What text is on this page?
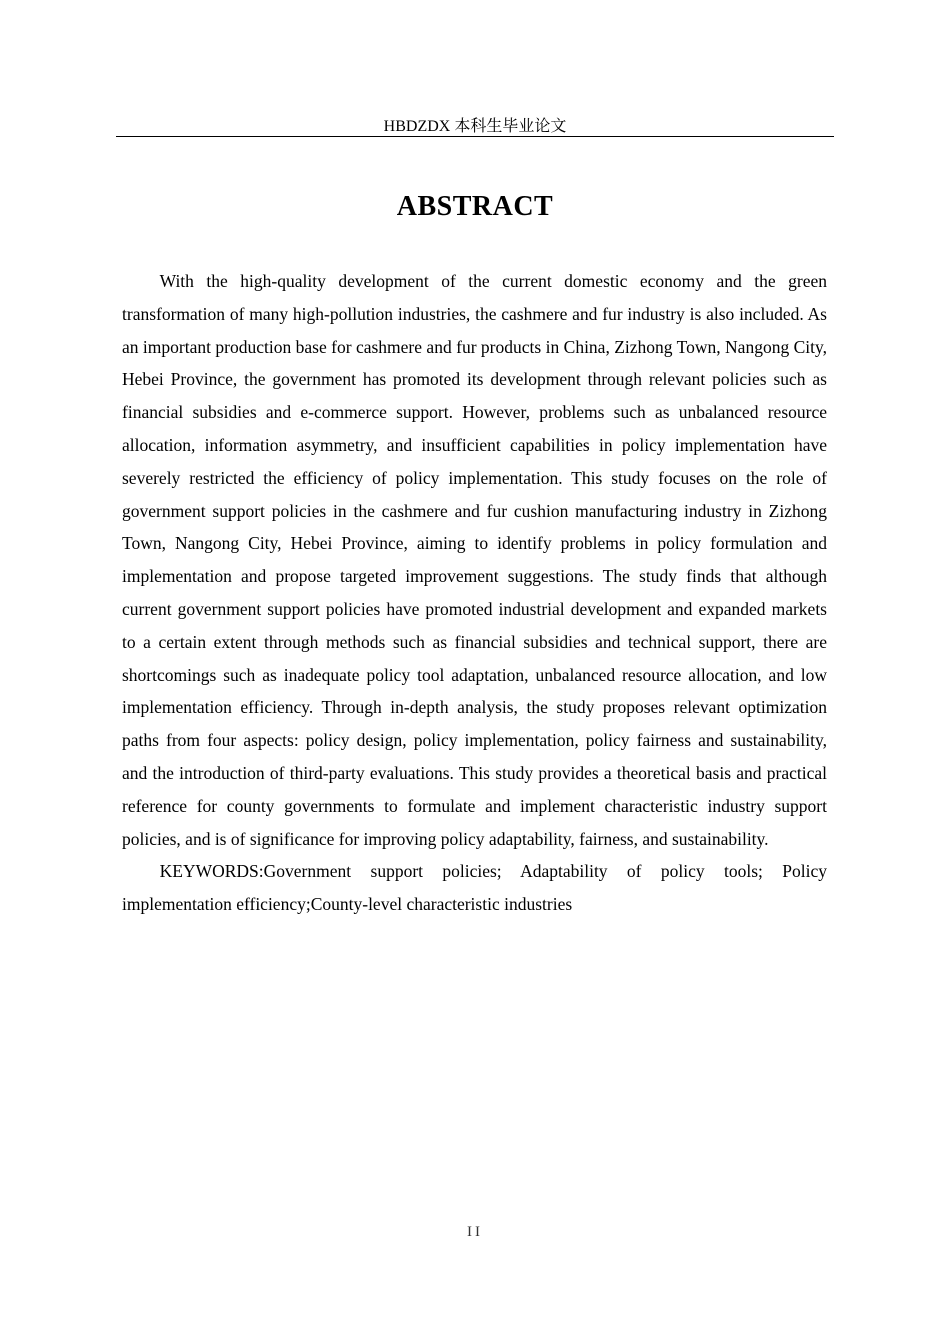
HBDZDX 本科生毕业论文
ABSTRACT

With the high-quality development of the current domestic economy and the green transformation of many high-pollution industries, the cashmere and fur industry is also included. As an important production base for cashmere and fur products in China, Zizhong Town, Nangong City, Hebei Province, the government has promoted its development through relevant policies such as financial subsidies and e-commerce support. However, problems such as unbalanced resource allocation, information asymmetry, and insufficient capabilities in policy implementation have severely restricted the efficiency of policy implementation. This study focuses on the role of government support policies in the cashmere and fur cushion manufacturing industry in Zizhong Town, Nangong City, Hebei Province, aiming to identify problems in policy formulation and implementation and propose targeted improvement suggestions. The study finds that although current government support policies have promoted industrial development and expanded markets to a certain extent through methods such as financial subsidies and technical support, there are shortcomings such as inadequate policy tool adaptation, unbalanced resource allocation, and low implementation efficiency. Through in-depth analysis, the study proposes relevant optimization paths from four aspects: policy design, policy implementation, policy fairness and sustainability, and the introduction of third-party evaluations. This study provides a theoretical basis and practical reference for county governments to formulate and implement characteristic industry support policies, and is of significance for improving policy adaptability, fairness, and sustainability.

KEYWORDS:Government support policies; Adaptability of policy tools; Policy implementation efficiency;County-level characteristic industries

II
